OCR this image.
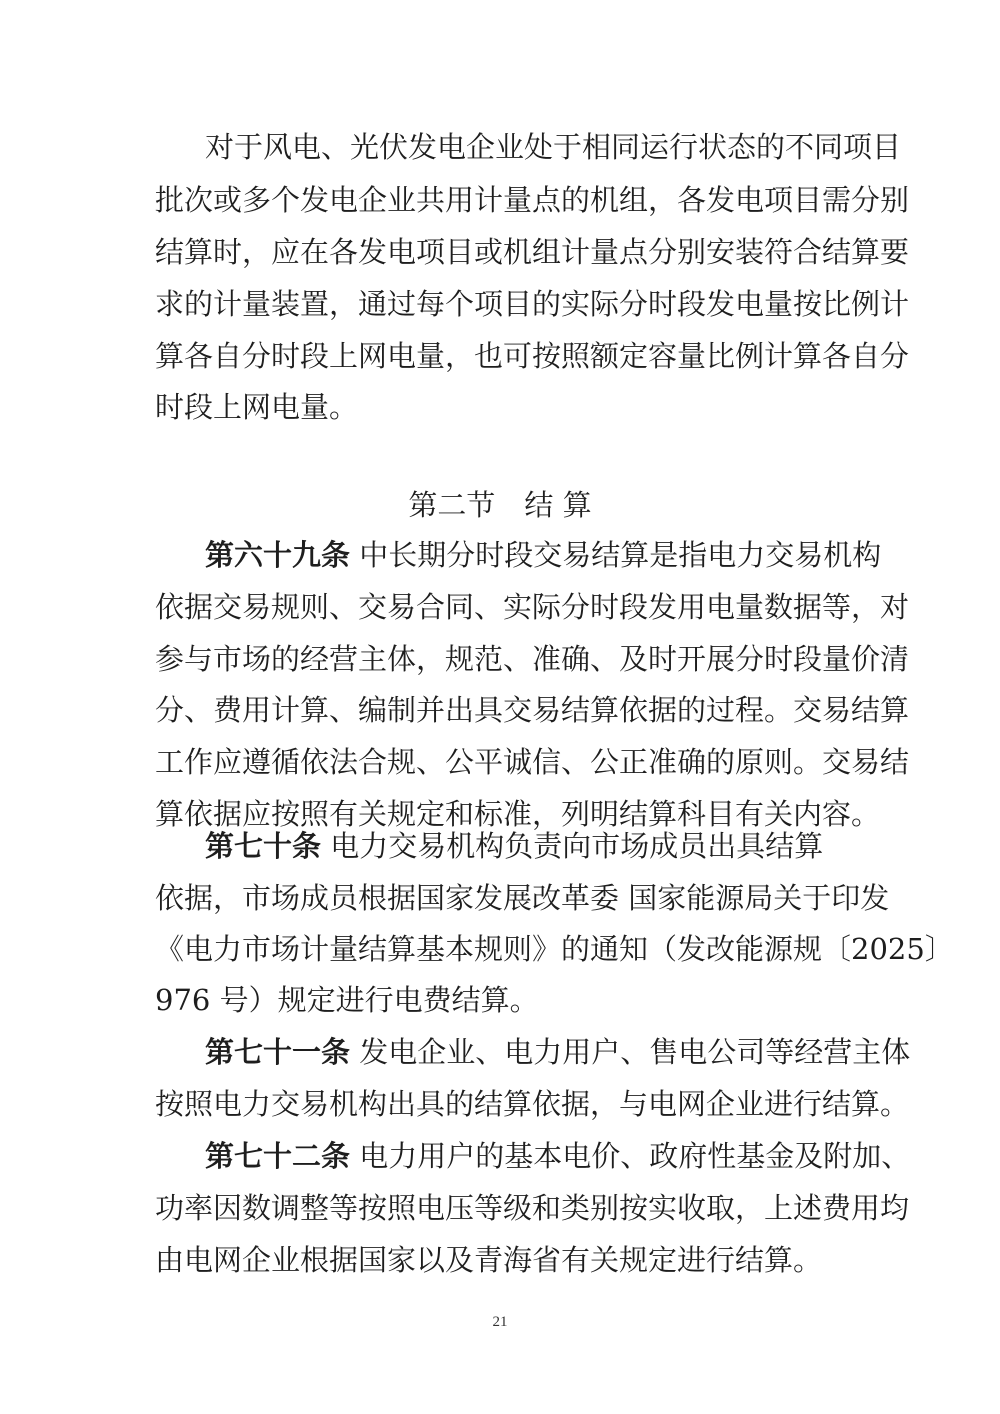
对于风电、光伏发电企业处于相同运行状态的不同项目
批次或多个发电企业共用计量点的机组，各发电项目需分别
结算时，应在各发电项目或机组计量点分别安装符合结算要
求的计量装置，通过每个项目的实际分时段发电量按比例计
算各自分时段上网电量，也可按照额定容量比例计算各自分
时段上网电量。
第二节　结 算
第六十九条 中长期分时段交易结算是指电力交易机构
依据交易规则、交易合同、实际分时段发用电量数据等，对
参与市场的经营主体，规范、准确、及时开展分时段量价清
分、费用计算、编制并出具交易结算依据的过程。交易结算
工作应遵循依法合规、公平诚信、公正准确的原则。交易结
算依据应按照有关规定和标准，列明结算科目有关内容。
第七十条 电力交易机构负责向市场成员出具结算
依据，市场成员根据国家发展改革委 国家能源局关于印发
《电力市场计量结算基本规则》的通知（发改能源规〔2025〕
976 号）规定进行电费结算。
第七十一条 发电企业、电力用户、售电公司等经营主体
按照电力交易机构出具的结算依据，与电网企业进行结算。
第七十二条 电力用户的基本电价、政府性基金及附加、
功率因数调整等按照电压等级和类别按实收取，上述费用均
由电网企业根据国家以及青海省有关规定进行结算。
21
